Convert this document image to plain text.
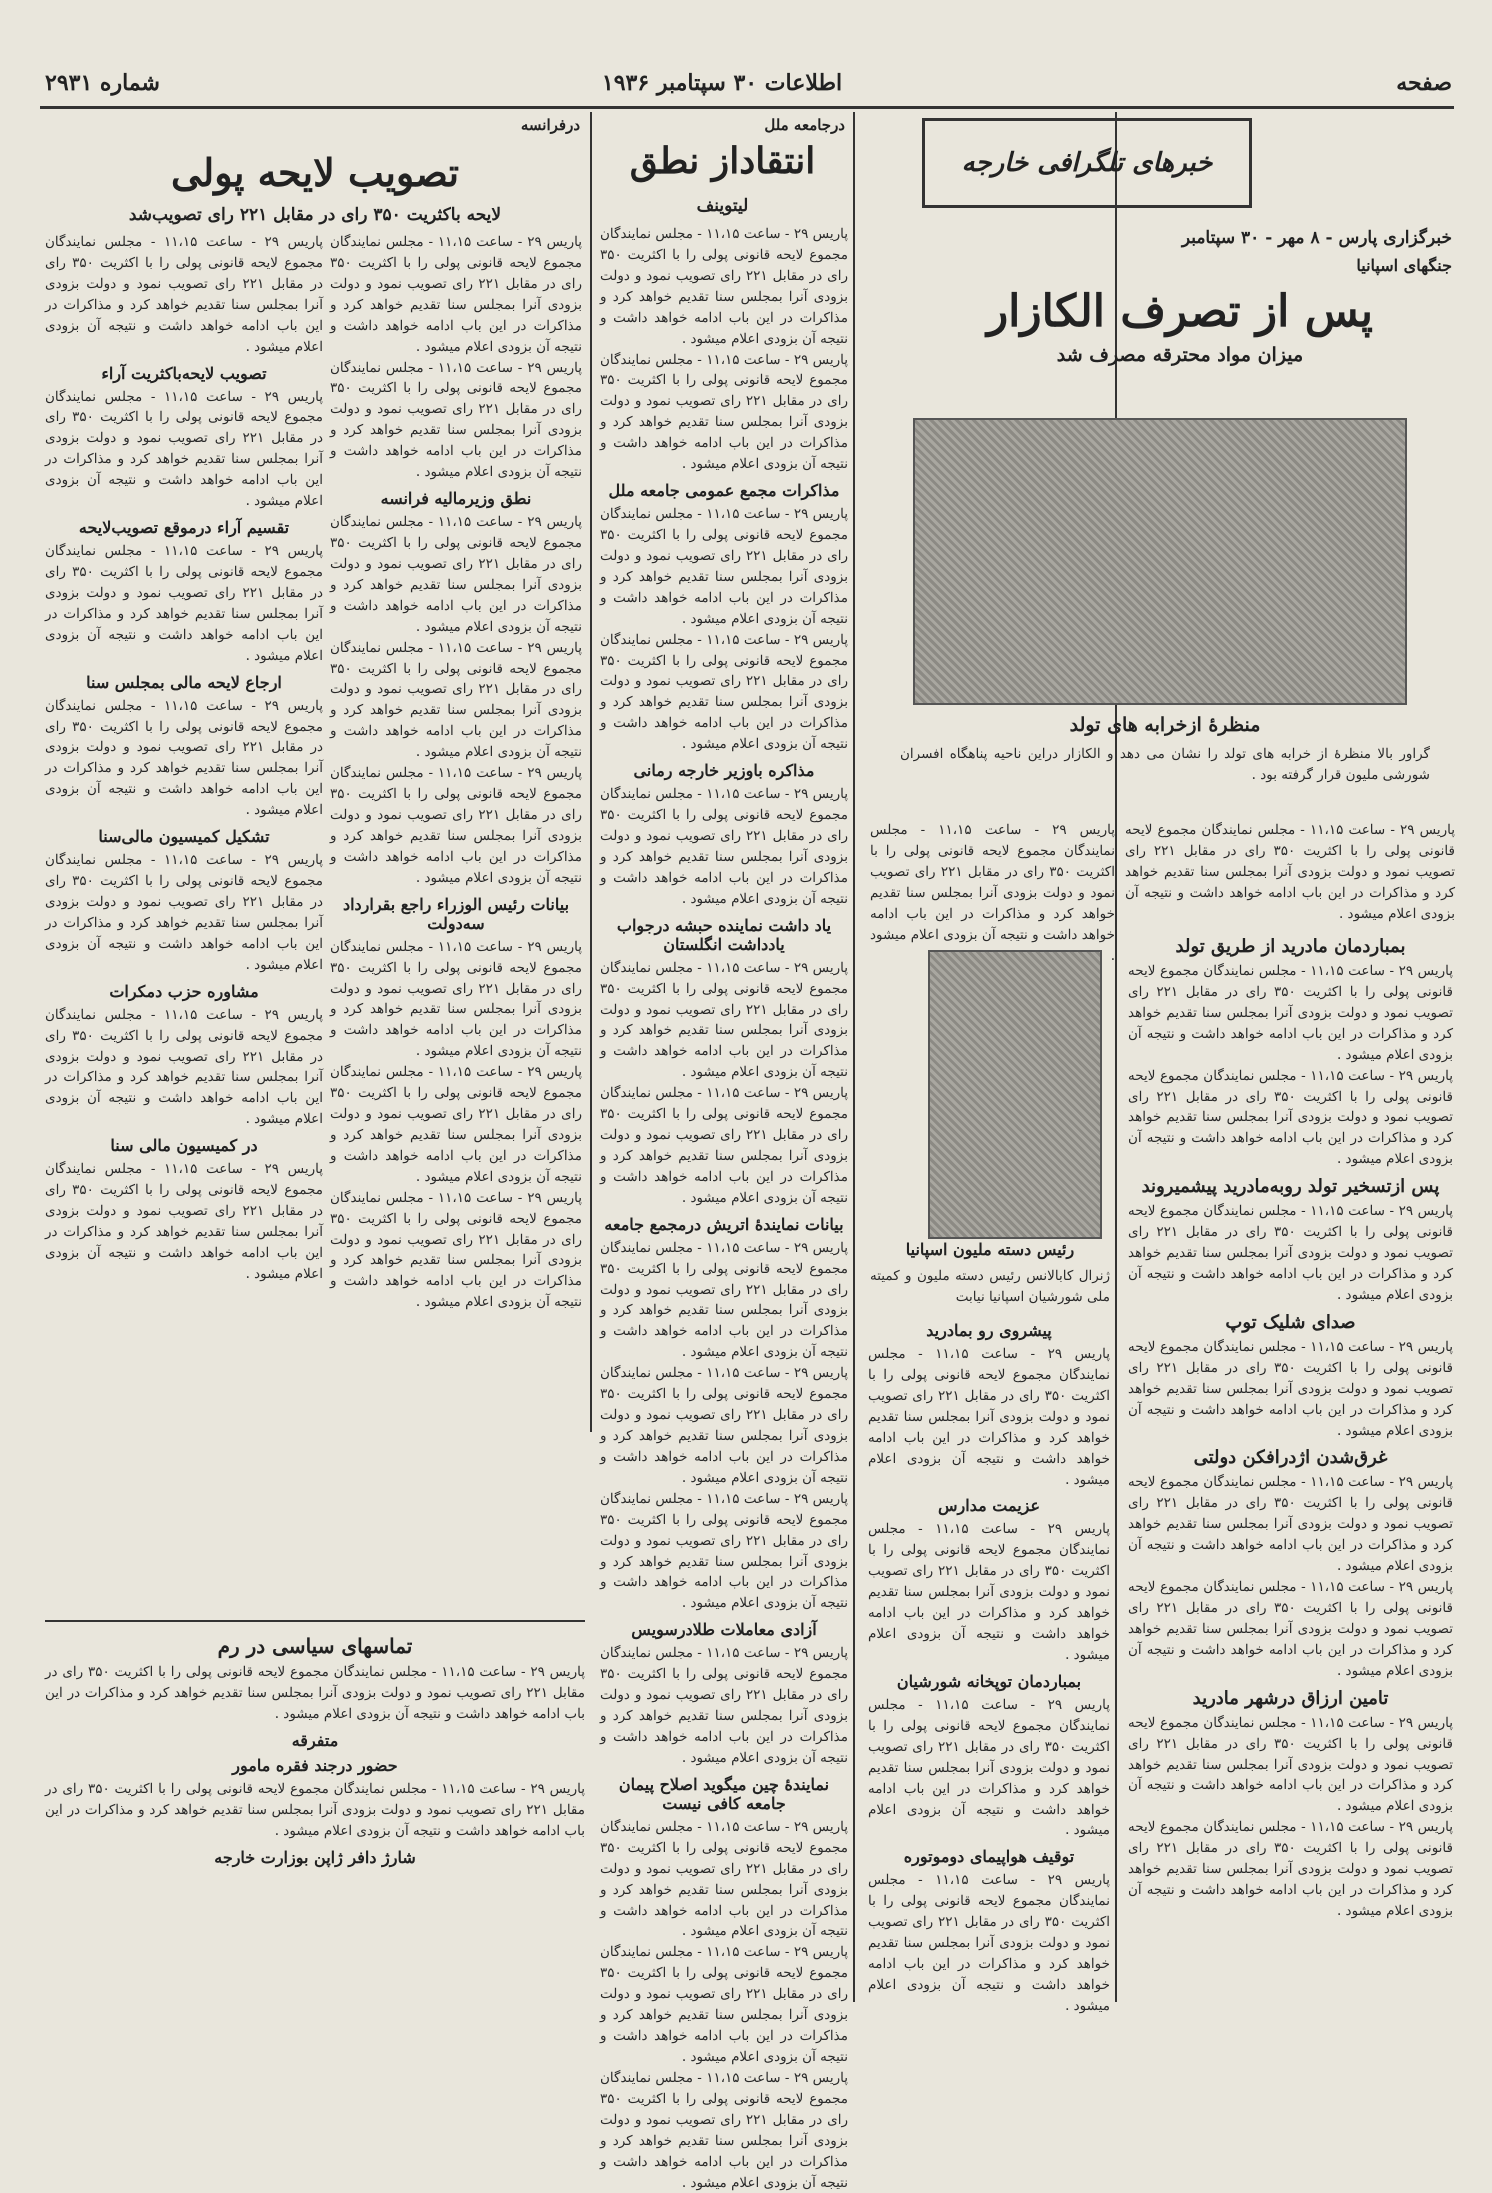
صفحه
اطلاعات ۳۰ سپتامبر ۱۹۳۶
شماره ۲۹۳۱
خبرهای تلگرافی خارجه
خبرگزاری پارس - ۸ مهر - ۳۰ سپتامبر
جنگهای اسپانیا
پس از تصرف الکازار
میزان مواد محترقه مصرف شد
منظرهٔ ازخرابه های تولد
گراور بالا منظرهٔ از خرابه های تولد را نشان می دهد و الکازار دراین ناحیه پناهگاه افسران شورشی مليون قرار گرفته بود .
پاریس ۲۹ - ساعت ۱۱،۱۵ - مجلس نمایندگان مجموع لایحه قانونی پولی را با اکثریت ۳۵۰ رای در مقابل ۲۲۱ رای تصویب نمود و دولت بزودی آنرا بمجلس سنا تقدیم خواهد کرد و مذاکرات در این باب ادامه خواهد داشت و نتیجه آن بزودی اعلام میشود .
پاریس ۲۹ - ساعت ۱۱،۱۵ - مجلس نمایندگان مجموع لایحه قانونی پولی را با اکثریت ۳۵۰ رای در مقابل ۲۲۱ رای تصویب نمود و دولت بزودی آنرا بمجلس سنا تقدیم خواهد کرد و مذاکرات در این باب ادامه خواهد داشت و نتیجه آن بزودی اعلام میشود .	بمباردمان مادرید از طریق تولد
پاریس ۲۹ - ساعت ۱۱،۱۵ - مجلس نمایندگان مجموع لایحه قانونی پولی را با اکثریت ۳۵۰ رای در مقابل ۲۲۱ رای تصویب نمود و دولت بزودی آنرا بمجلس سنا تقدیم خواهد کرد و مذاکرات در این باب ادامه خواهد داشت و نتیجه آن بزودی اعلام میشود .
پاریس ۲۹ - ساعت ۱۱،۱۵ - مجلس نمایندگان مجموع لایحه قانونی پولی را با اکثریت ۳۵۰ رای در مقابل ۲۲۱ رای تصویب نمود و دولت بزودی آنرا بمجلس سنا تقدیم خواهد کرد و مذاکرات در این باب ادامه خواهد داشت و نتیجه آن بزودی اعلام میشود .
پس ازتسخیر تولد روبه‌مادرید پیشمیروند
پاریس ۲۹ - ساعت ۱۱،۱۵ - مجلس نمایندگان مجموع لایحه قانونی پولی را با اکثریت ۳۵۰ رای در مقابل ۲۲۱ رای تصویب نمود و دولت بزودی آنرا بمجلس سنا تقدیم خواهد کرد و مذاکرات در این باب ادامه خواهد داشت و نتیجه آن بزودی اعلام میشود .
صدای شلیک توپ
پاریس ۲۹ - ساعت ۱۱،۱۵ - مجلس نمایندگان مجموع لایحه قانونی پولی را با اکثریت ۳۵۰ رای در مقابل ۲۲۱ رای تصویب نمود و دولت بزودی آنرا بمجلس سنا تقدیم خواهد کرد و مذاکرات در این باب ادامه خواهد داشت و نتیجه آن بزودی اعلام میشود .
غرق‌شدن اژدرافکن دولتی
پاریس ۲۹ - ساعت ۱۱،۱۵ - مجلس نمایندگان مجموع لایحه قانونی پولی را با اکثریت ۳۵۰ رای در مقابل ۲۲۱ رای تصویب نمود و دولت بزودی آنرا بمجلس سنا تقدیم خواهد کرد و مذاکرات در این باب ادامه خواهد داشت و نتیجه آن بزودی اعلام میشود .
پاریس ۲۹ - ساعت ۱۱،۱۵ - مجلس نمایندگان مجموع لایحه قانونی پولی را با اکثریت ۳۵۰ رای در مقابل ۲۲۱ رای تصویب نمود و دولت بزودی آنرا بمجلس سنا تقدیم خواهد کرد و مذاکرات در این باب ادامه خواهد داشت و نتیجه آن بزودی اعلام میشود .
تامین ارزاق درشهر مادرید
پاریس ۲۹ - ساعت ۱۱،۱۵ - مجلس نمایندگان مجموع لایحه قانونی پولی را با اکثریت ۳۵۰ رای در مقابل ۲۲۱ رای تصویب نمود و دولت بزودی آنرا بمجلس سنا تقدیم خواهد کرد و مذاکرات در این باب ادامه خواهد داشت و نتیجه آن بزودی اعلام میشود .
پاریس ۲۹ - ساعت ۱۱،۱۵ - مجلس نمایندگان مجموع لایحه قانونی پولی را با اکثریت ۳۵۰ رای در مقابل ۲۲۱ رای تصویب نمود و دولت بزودی آنرا بمجلس سنا تقدیم خواهد کرد و مذاکرات در این باب ادامه خواهد داشت و نتیجه آن بزودی اعلام میشود .
رئیس دسته ملیون اسپانیا
ژنرال کابالانس رئیس دسته مليون و كمیته ملی شورشیان اسپانیا نیابت
پیشروی رو بمادرید
پاریس ۲۹ - ساعت ۱۱،۱۵ - مجلس نمایندگان مجموع لایحه قانونی پولی را با اکثریت ۳۵۰ رای در مقابل ۲۲۱ رای تصویب نمود و دولت بزودی آنرا بمجلس سنا تقدیم خواهد کرد و مذاکرات در این باب ادامه خواهد داشت و نتیجه آن بزودی اعلام میشود .
عزیمت مدارس
پاریس ۲۹ - ساعت ۱۱،۱۵ - مجلس نمایندگان مجموع لایحه قانونی پولی را با اکثریت ۳۵۰ رای در مقابل ۲۲۱ رای تصویب نمود و دولت بزودی آنرا بمجلس سنا تقدیم خواهد کرد و مذاکرات در این باب ادامه خواهد داشت و نتیجه آن بزودی اعلام میشود .
بمباردمان توپخانه شورشیان
پاریس ۲۹ - ساعت ۱۱،۱۵ - مجلس نمایندگان مجموع لایحه قانونی پولی را با اکثریت ۳۵۰ رای در مقابل ۲۲۱ رای تصویب نمود و دولت بزودی آنرا بمجلس سنا تقدیم خواهد کرد و مذاکرات در این باب ادامه خواهد داشت و نتیجه آن بزودی اعلام میشود .
توقیف هواپیمای دوموتوره
پاریس ۲۹ - ساعت ۱۱،۱۵ - مجلس نمایندگان مجموع لایحه قانونی پولی را با اکثریت ۳۵۰ رای در مقابل ۲۲۱ رای تصویب نمود و دولت بزودی آنرا بمجلس سنا تقدیم خواهد کرد و مذاکرات در این باب ادامه خواهد داشت و نتیجه آن بزودی اعلام میشود .
درجامعه ملل
انتقاداز نطق
لیتوینف
پاریس ۲۹ - ساعت ۱۱،۱۵ - مجلس نمایندگان مجموع لایحه قانونی پولی را با اکثریت ۳۵۰ رای در مقابل ۲۲۱ رای تصویب نمود و دولت بزودی آنرا بمجلس سنا تقدیم خواهد کرد و مذاکرات در این باب ادامه خواهد داشت و نتیجه آن بزودی اعلام میشود .
پاریس ۲۹ - ساعت ۱۱،۱۵ - مجلس نمایندگان مجموع لایحه قانونی پولی را با اکثریت ۳۵۰ رای در مقابل ۲۲۱ رای تصویب نمود و دولت بزودی آنرا بمجلس سنا تقدیم خواهد کرد و مذاکرات در این باب ادامه خواهد داشت و نتیجه آن بزودی اعلام میشود .
مذاکرات مجمع عمومی جامعه ملل
پاریس ۲۹ - ساعت ۱۱،۱۵ - مجلس نمایندگان مجموع لایحه قانونی پولی را با اکثریت ۳۵۰ رای در مقابل ۲۲۱ رای تصویب نمود و دولت بزودی آنرا بمجلس سنا تقدیم خواهد کرد و مذاکرات در این باب ادامه خواهد داشت و نتیجه آن بزودی اعلام میشود .
پاریس ۲۹ - ساعت ۱۱،۱۵ - مجلس نمایندگان مجموع لایحه قانونی پولی را با اکثریت ۳۵۰ رای در مقابل ۲۲۱ رای تصویب نمود و دولت بزودی آنرا بمجلس سنا تقدیم خواهد کرد و مذاکرات در این باب ادامه خواهد داشت و نتیجه آن بزودی اعلام میشود .
مذاکره باوزیر خارجه رمانی
پاریس ۲۹ - ساعت ۱۱،۱۵ - مجلس نمایندگان مجموع لایحه قانونی پولی را با اکثریت ۳۵۰ رای در مقابل ۲۲۱ رای تصویب نمود و دولت بزودی آنرا بمجلس سنا تقدیم خواهد کرد و مذاکرات در این باب ادامه خواهد داشت و نتیجه آن بزودی اعلام میشود .
یاد داشت نماینده حبشه درجواب یادداشت انگلستان
پاریس ۲۹ - ساعت ۱۱،۱۵ - مجلس نمایندگان مجموع لایحه قانونی پولی را با اکثریت ۳۵۰ رای در مقابل ۲۲۱ رای تصویب نمود و دولت بزودی آنرا بمجلس سنا تقدیم خواهد کرد و مذاکرات در این باب ادامه خواهد داشت و نتیجه آن بزودی اعلام میشود .
پاریس ۲۹ - ساعت ۱۱،۱۵ - مجلس نمایندگان مجموع لایحه قانونی پولی را با اکثریت ۳۵۰ رای در مقابل ۲۲۱ رای تصویب نمود و دولت بزودی آنرا بمجلس سنا تقدیم خواهد کرد و مذاکرات در این باب ادامه خواهد داشت و نتیجه آن بزودی اعلام میشود .
بیانات نمایندهٔ اتریش درمجمع جامعه
پاریس ۲۹ - ساعت ۱۱،۱۵ - مجلس نمایندگان مجموع لایحه قانونی پولی را با اکثریت ۳۵۰ رای در مقابل ۲۲۱ رای تصویب نمود و دولت بزودی آنرا بمجلس سنا تقدیم خواهد کرد و مذاکرات در این باب ادامه خواهد داشت و نتیجه آن بزودی اعلام میشود .
پاریس ۲۹ - ساعت ۱۱،۱۵ - مجلس نمایندگان مجموع لایحه قانونی پولی را با اکثریت ۳۵۰ رای در مقابل ۲۲۱ رای تصویب نمود و دولت بزودی آنرا بمجلس سنا تقدیم خواهد کرد و مذاکرات در این باب ادامه خواهد داشت و نتیجه آن بزودی اعلام میشود .
پاریس ۲۹ - ساعت ۱۱،۱۵ - مجلس نمایندگان مجموع لایحه قانونی پولی را با اکثریت ۳۵۰ رای در مقابل ۲۲۱ رای تصویب نمود و دولت بزودی آنرا بمجلس سنا تقدیم خواهد کرد و مذاکرات در این باب ادامه خواهد داشت و نتیجه آن بزودی اعلام میشود .
آزادی معاملات طلادرسویس
پاریس ۲۹ - ساعت ۱۱،۱۵ - مجلس نمایندگان مجموع لایحه قانونی پولی را با اکثریت ۳۵۰ رای در مقابل ۲۲۱ رای تصویب نمود و دولت بزودی آنرا بمجلس سنا تقدیم خواهد کرد و مذاکرات در این باب ادامه خواهد داشت و نتیجه آن بزودی اعلام میشود .
نمایندهٔ چین میگوید اصلاح پیمان جامعه کافی نیست
پاریس ۲۹ - ساعت ۱۱،۱۵ - مجلس نمایندگان مجموع لایحه قانونی پولی را با اکثریت ۳۵۰ رای در مقابل ۲۲۱ رای تصویب نمود و دولت بزودی آنرا بمجلس سنا تقدیم خواهد کرد و مذاکرات در این باب ادامه خواهد داشت و نتیجه آن بزودی اعلام میشود .
پاریس ۲۹ - ساعت ۱۱،۱۵ - مجلس نمایندگان مجموع لایحه قانونی پولی را با اکثریت ۳۵۰ رای در مقابل ۲۲۱ رای تصویب نمود و دولت بزودی آنرا بمجلس سنا تقدیم خواهد کرد و مذاکرات در این باب ادامه خواهد داشت و نتیجه آن بزودی اعلام میشود .
پاریس ۲۹ - ساعت ۱۱،۱۵ - مجلس نمایندگان مجموع لایحه قانونی پولی را با اکثریت ۳۵۰ رای در مقابل ۲۲۱ رای تصویب نمود و دولت بزودی آنرا بمجلس سنا تقدیم خواهد کرد و مذاکرات در این باب ادامه خواهد داشت و نتیجه آن بزودی اعلام میشود .
درفرانسه
تصویب لایحه پولی
لایحه باکثریت ۳۵۰ رای در مقابل ۲۲۱ رای تصویب‌شد
پاریس ۲۹ - ساعت ۱۱،۱۵ - مجلس نمایندگان مجموع لایحه قانونی پولی را با اکثریت ۳۵۰ رای در مقابل ۲۲۱ رای تصویب نمود و دولت بزودی آنرا بمجلس سنا تقدیم خواهد کرد و مذاکرات در این باب ادامه خواهد داشت و نتیجه آن بزودی اعلام میشود .
پاریس ۲۹ - ساعت ۱۱،۱۵ - مجلس نمایندگان مجموع لایحه قانونی پولی را با اکثریت ۳۵۰ رای در مقابل ۲۲۱ رای تصویب نمود و دولت بزودی آنرا بمجلس سنا تقدیم خواهد کرد و مذاکرات در این باب ادامه خواهد داشت و نتیجه آن بزودی اعلام میشود .
نطق وزیرمالیه فرانسه
پاریس ۲۹ - ساعت ۱۱،۱۵ - مجلس نمایندگان مجموع لایحه قانونی پولی را با اکثریت ۳۵۰ رای در مقابل ۲۲۱ رای تصویب نمود و دولت بزودی آنرا بمجلس سنا تقدیم خواهد کرد و مذاکرات در این باب ادامه خواهد داشت و نتیجه آن بزودی اعلام میشود .
پاریس ۲۹ - ساعت ۱۱،۱۵ - مجلس نمایندگان مجموع لایحه قانونی پولی را با اکثریت ۳۵۰ رای در مقابل ۲۲۱ رای تصویب نمود و دولت بزودی آنرا بمجلس سنا تقدیم خواهد کرد و مذاکرات در این باب ادامه خواهد داشت و نتیجه آن بزودی اعلام میشود .
پاریس ۲۹ - ساعت ۱۱،۱۵ - مجلس نمایندگان مجموع لایحه قانونی پولی را با اکثریت ۳۵۰ رای در مقابل ۲۲۱ رای تصویب نمود و دولت بزودی آنرا بمجلس سنا تقدیم خواهد کرد و مذاکرات در این باب ادامه خواهد داشت و نتیجه آن بزودی اعلام میشود .
بیانات رئیس الوزراء راجع بقرارداد سه‌دولت
پاریس ۲۹ - ساعت ۱۱،۱۵ - مجلس نمایندگان مجموع لایحه قانونی پولی را با اکثریت ۳۵۰ رای در مقابل ۲۲۱ رای تصویب نمود و دولت بزودی آنرا بمجلس سنا تقدیم خواهد کرد و مذاکرات در این باب ادامه خواهد داشت و نتیجه آن بزودی اعلام میشود .
پاریس ۲۹ - ساعت ۱۱،۱۵ - مجلس نمایندگان مجموع لایحه قانونی پولی را با اکثریت ۳۵۰ رای در مقابل ۲۲۱ رای تصویب نمود و دولت بزودی آنرا بمجلس سنا تقدیم خواهد کرد و مذاکرات در این باب ادامه خواهد داشت و نتیجه آن بزودی اعلام میشود .
پاریس ۲۹ - ساعت ۱۱،۱۵ - مجلس نمایندگان مجموع لایحه قانونی پولی را با اکثریت ۳۵۰ رای در مقابل ۲۲۱ رای تصویب نمود و دولت بزودی آنرا بمجلس سنا تقدیم خواهد کرد و مذاکرات در این باب ادامه خواهد داشت و نتیجه آن بزودی اعلام میشود .
پاریس ۲۹ - ساعت ۱۱،۱۵ - مجلس نمایندگان مجموع لایحه قانونی پولی را با اکثریت ۳۵۰ رای در مقابل ۲۲۱ رای تصویب نمود و دولت بزودی آنرا بمجلس سنا تقدیم خواهد کرد و مذاکرات در این باب ادامه خواهد داشت و نتیجه آن بزودی اعلام میشود .
تصویب لایحه‌باکثریت آراء
پاریس ۲۹ - ساعت ۱۱،۱۵ - مجلس نمایندگان مجموع لایحه قانونی پولی را با اکثریت ۳۵۰ رای در مقابل ۲۲۱ رای تصویب نمود و دولت بزودی آنرا بمجلس سنا تقدیم خواهد کرد و مذاکرات در این باب ادامه خواهد داشت و نتیجه آن بزودی اعلام میشود .
تقسیم آراء درموقع تصویب‌لایحه
پاریس ۲۹ - ساعت ۱۱،۱۵ - مجلس نمایندگان مجموع لایحه قانونی پولی را با اکثریت ۳۵۰ رای در مقابل ۲۲۱ رای تصویب نمود و دولت بزودی آنرا بمجلس سنا تقدیم خواهد کرد و مذاکرات در این باب ادامه خواهد داشت و نتیجه آن بزودی اعلام میشود .
ارجاع لایحه مالی بمجلس سنا
پاریس ۲۹ - ساعت ۱۱،۱۵ - مجلس نمایندگان مجموع لایحه قانونی پولی را با اکثریت ۳۵۰ رای در مقابل ۲۲۱ رای تصویب نمود و دولت بزودی آنرا بمجلس سنا تقدیم خواهد کرد و مذاکرات در این باب ادامه خواهد داشت و نتیجه آن بزودی اعلام میشود .
تشکیل کمیسیون مالی‌سنا
پاریس ۲۹ - ساعت ۱۱،۱۵ - مجلس نمایندگان مجموع لایحه قانونی پولی را با اکثریت ۳۵۰ رای در مقابل ۲۲۱ رای تصویب نمود و دولت بزودی آنرا بمجلس سنا تقدیم خواهد کرد و مذاکرات در این باب ادامه خواهد داشت و نتیجه آن بزودی اعلام میشود .
مشاوره حزب دمکرات
پاریس ۲۹ - ساعت ۱۱،۱۵ - مجلس نمایندگان مجموع لایحه قانونی پولی را با اکثریت ۳۵۰ رای در مقابل ۲۲۱ رای تصویب نمود و دولت بزودی آنرا بمجلس سنا تقدیم خواهد کرد و مذاکرات در این باب ادامه خواهد داشت و نتیجه آن بزودی اعلام میشود .
در کمیسیون مالی سنا
پاریس ۲۹ - ساعت ۱۱،۱۵ - مجلس نمایندگان مجموع لایحه قانونی پولی را با اکثریت ۳۵۰ رای در مقابل ۲۲۱ رای تصویب نمود و دولت بزودی آنرا بمجلس سنا تقدیم خواهد کرد و مذاکرات در این باب ادامه خواهد داشت و نتیجه آن بزودی اعلام میشود .
تماسهای سیاسی در رم
پاریس ۲۹ - ساعت ۱۱،۱۵ - مجلس نمایندگان مجموع لایحه قانونی پولی را با اکثریت ۳۵۰ رای در مقابل ۲۲۱ رای تصویب نمود و دولت بزودی آنرا بمجلس سنا تقدیم خواهد کرد و مذاکرات در این باب ادامه خواهد داشت و نتیجه آن بزودی اعلام میشود .
متفرقه
حضور درجند فقره مامور
پاریس ۲۹ - ساعت ۱۱،۱۵ - مجلس نمایندگان مجموع لایحه قانونی پولی را با اکثریت ۳۵۰ رای در مقابل ۲۲۱ رای تصویب نمود و دولت بزودی آنرا بمجلس سنا تقدیم خواهد کرد و مذاکرات در این باب ادامه خواهد داشت و نتیجه آن بزودی اعلام میشود .
شارژ دافر ژاپن بوزارت خارجه
